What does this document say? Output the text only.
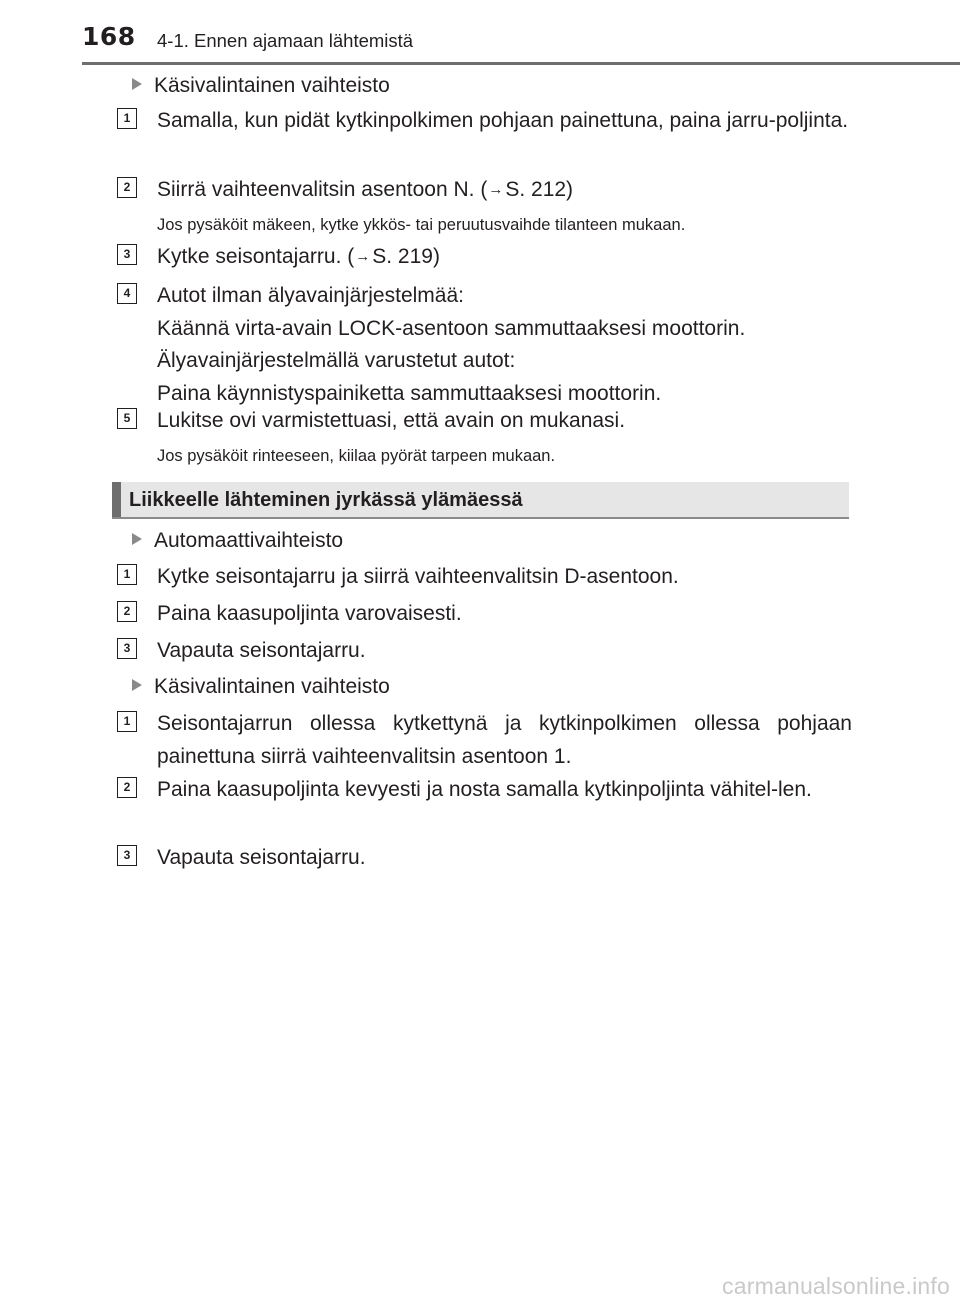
168 4-1. Ennen ajamaan lähtemistä
Käsivalintainen vaihteisto
1	Samalla, kun pidät kytkinpolkimen pohjaan painettuna, paina jarru-poljinta.
2	Siirrä vaihteenvalitsin asentoon N. (→S. 212)
Jos pysäköit mäkeen, kytke ykkös- tai peruutusvaihde tilanteen mukaan.
3	Kytke seisontajarru. (→S. 219)
4	Autot ilman älyavainjärjestelmää:
Käännä virta-avain LOCK-asentoon sammuttaaksesi moottorin.
Älyavainjärjestelmällä varustetut autot:
Paina käynnistyspainiketta sammuttaaksesi moottorin.
5	Lukitse ovi varmistettuasi, että avain on mukanasi.
Jos pysäköit rinteeseen, kiilaa pyörät tarpeen mukaan.
Liikkeelle lähteminen jyrkässä ylämäessä
Automaattivaihteisto
1	Kytke seisontajarru ja siirrä vaihteenvalitsin D-asentoon.
2	Paina kaasupoljinta varovaisesti.
3	Vapauta seisontajarru.
Käsivalintainen vaihteisto
1	Seisontajarrun ollessa kytkettynä ja kytkinpolkimen ollessa pohjaan painettuna siirrä vaihteenvalitsin asentoon 1.
2	Paina kaasupoljinta kevyesti ja nosta samalla kytkinpoljinta vähitel-len.
3	Vapauta seisontajarru.
carmanualsonline.info
